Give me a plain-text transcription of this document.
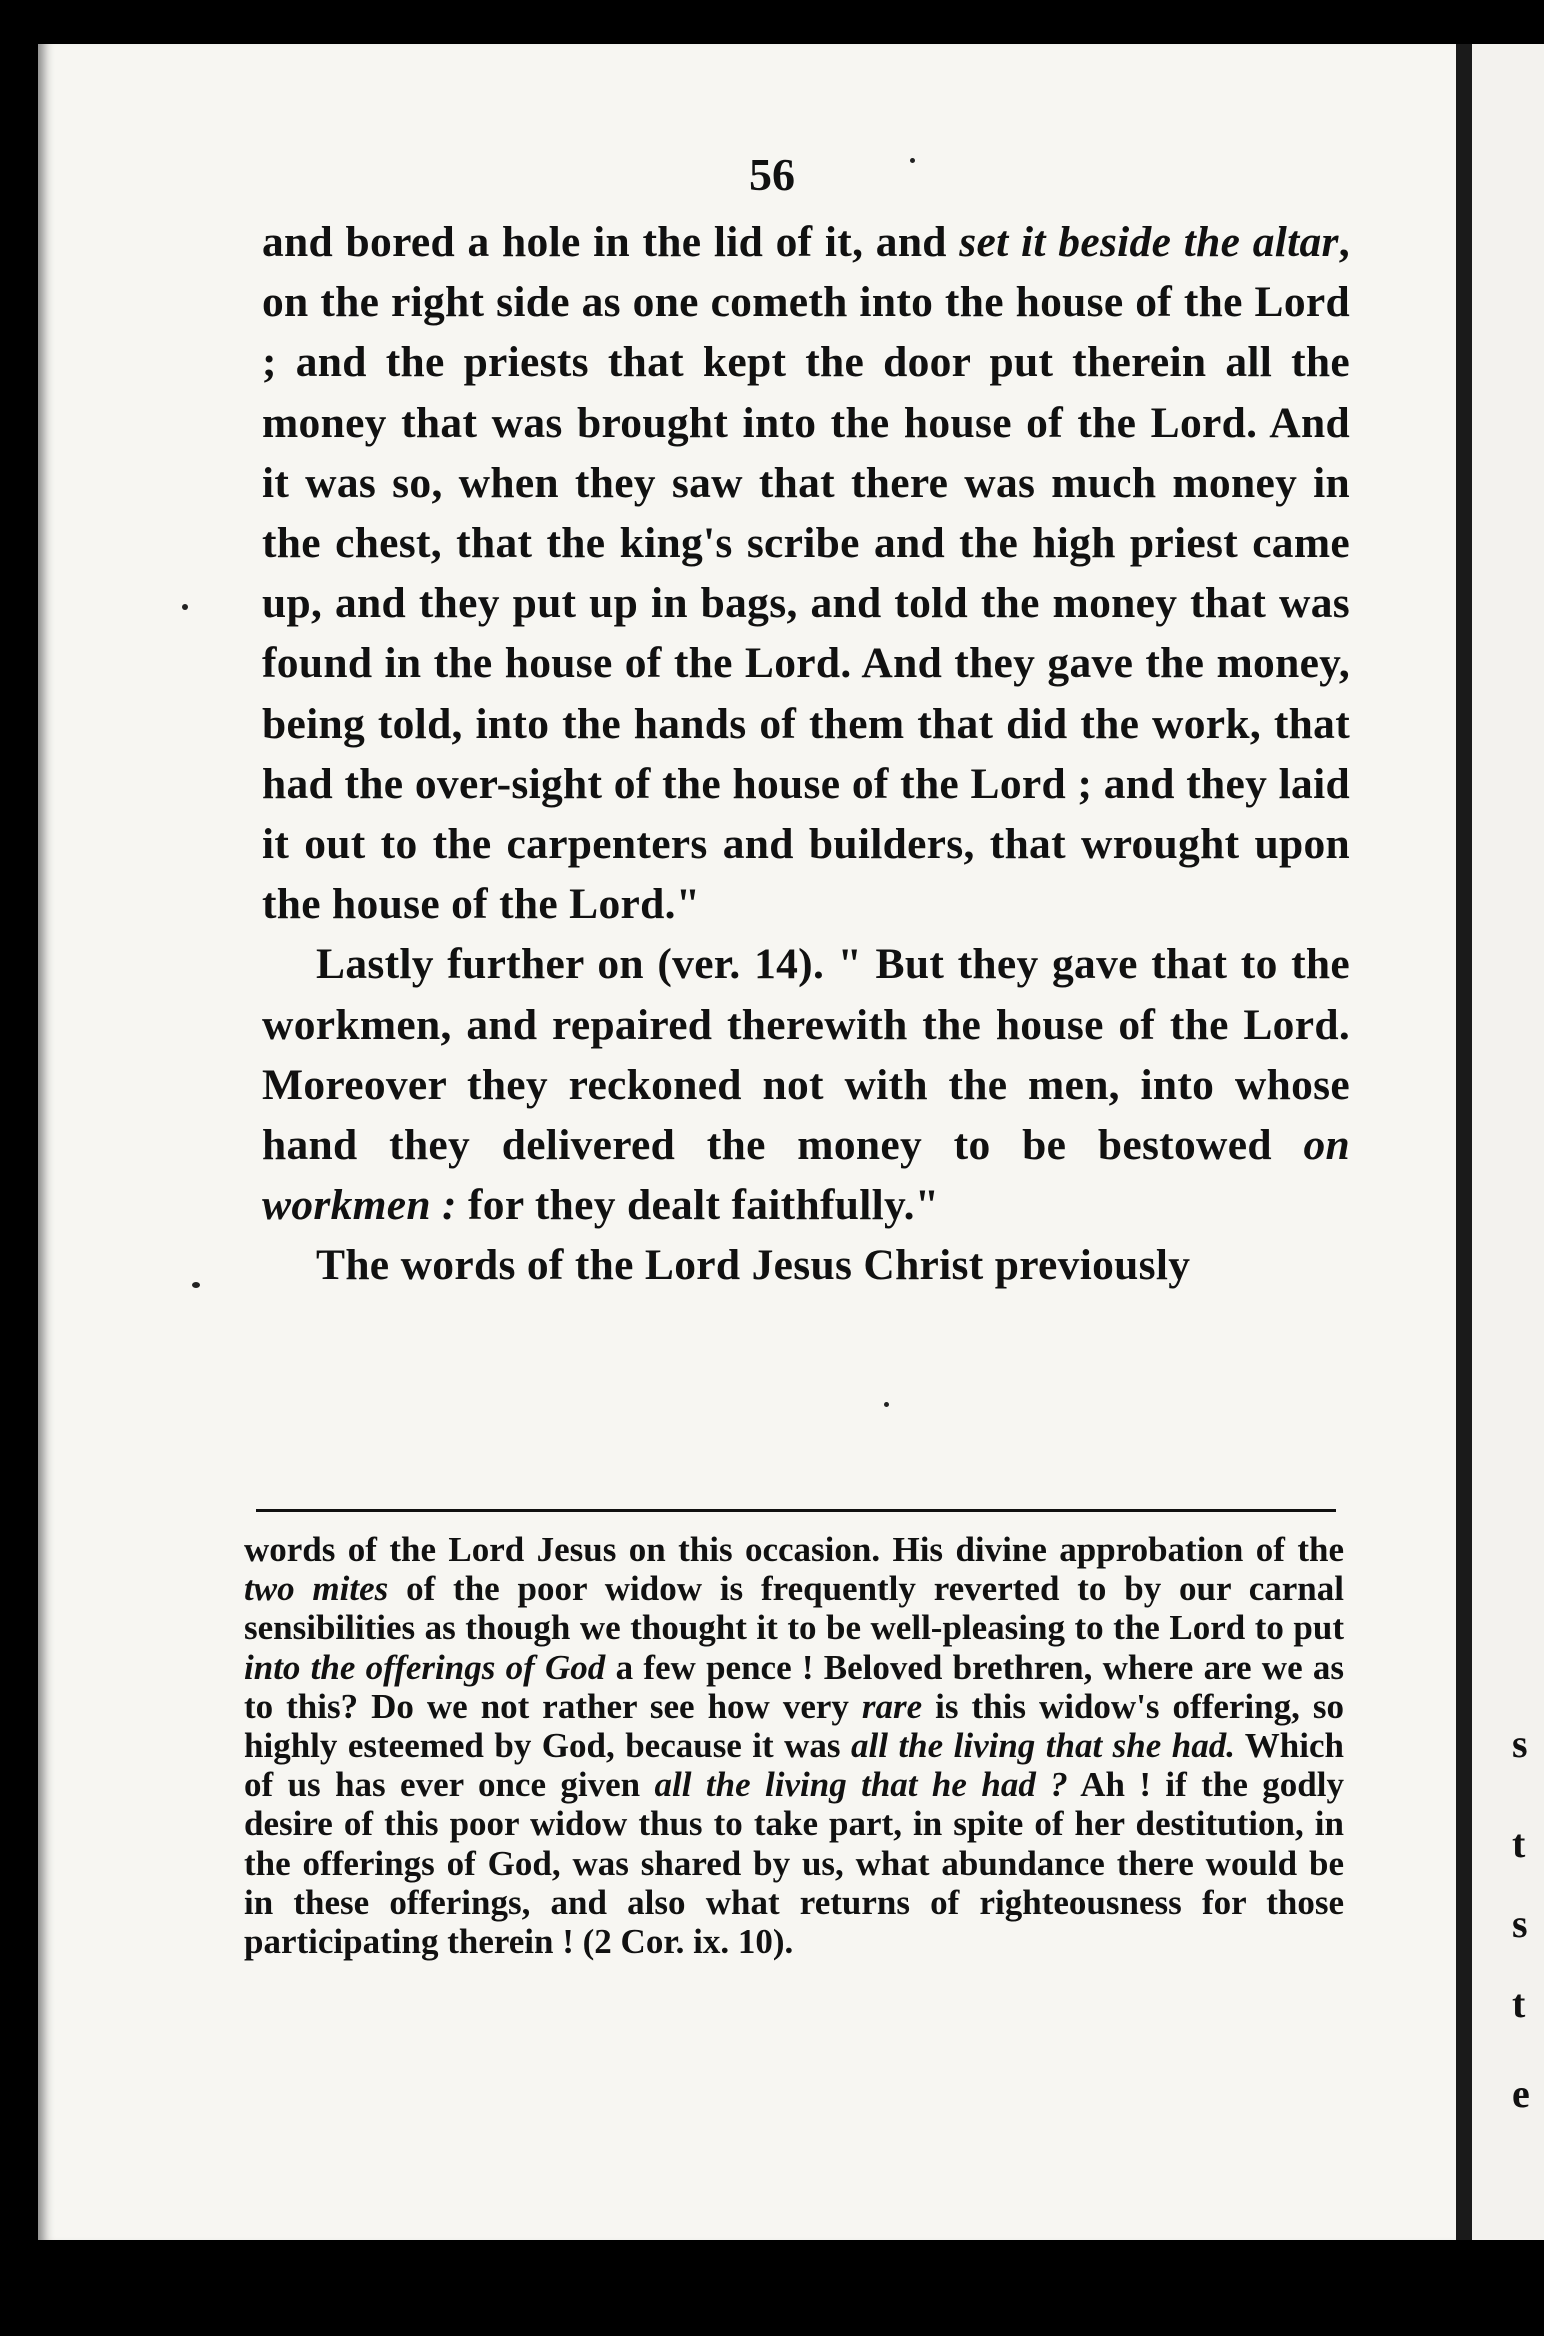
s
t
s
t
e
56

and bored a hole in the lid of it, and set it beside the altar, on the right side as one cometh into the house of the Lord ; and the priests that kept the door put therein all the money that was brought into the house of the Lord. And it was so, when they saw that there was much money in the chest, that the king's scribe and the high priest came up, and they put up in bags, and told the money that was found in the house of the Lord. And they gave the money, being told, into the hands of them that did the work, that had the over-sight of the house of the Lord ; and they laid it out to the carpenters and builders, that wrought upon the house of the Lord."

Lastly further on (ver. 14). " But they gave that to the workmen, and repaired therewith the house of the Lord. Moreover they reckoned not with the men, into whose hand they delivered the money to be bestowed on workmen : for they dealt faithfully."

The words of the Lord Jesus Christ previously

words of the Lord Jesus on this occasion. His divine approbation of the two mites of the poor widow is frequently reverted to by our carnal sensibilities as though we thought it to be well-pleasing to the Lord to put into the offerings of God a few pence ! Beloved brethren, where are we as to this? Do we not rather see how very rare is this widow's offering, so highly esteemed by God, because it was all the living that she had. Which of us has ever once given all the living that he had ? Ah ! if the godly desire of this poor widow thus to take part, in spite of her destitution, in the offerings of God, was shared by us, what abundance there would be in these offerings, and also what returns of righteousness for those participating therein ! (2 Cor. ix. 10).
